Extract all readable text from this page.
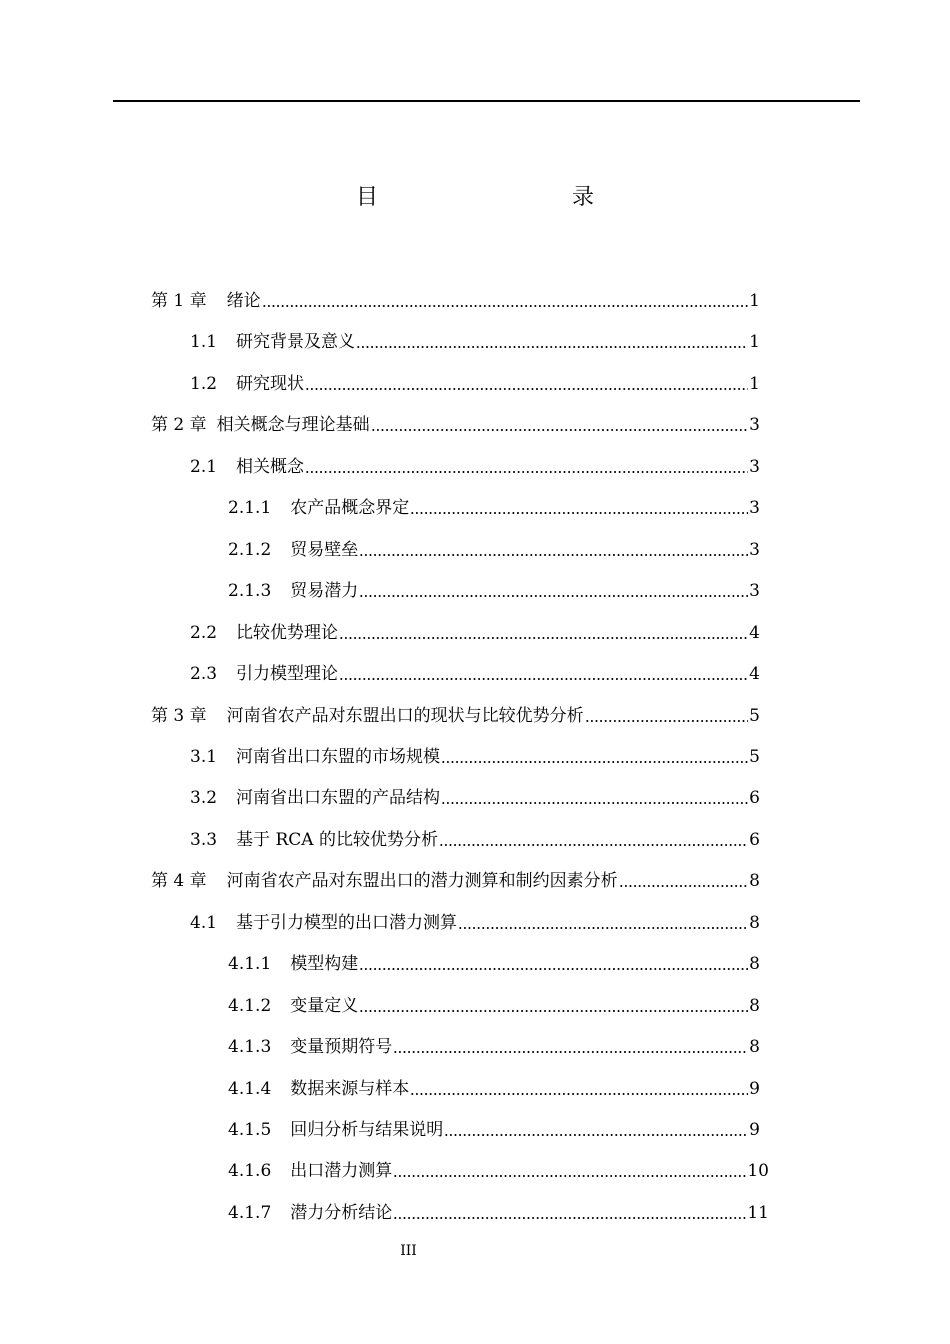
目　　录
第 1 章 绪论	1
1.1 研究背景及意义	1
1.2 研究现状	1
第 2 章 相关概念与理论基础	3
2.1 相关概念	3
2.1.1 农产品概念界定	3
2.1.2 贸易壁垒	3
2.1.3 贸易潜力	3
2.2 比较优势理论	4
2.3 引力模型理论	4
第 3 章 河南省农产品对东盟出口的现状与比较优势分析	5
3.1 河南省出口东盟的市场规模	5
3.2 河南省出口东盟的产品结构	6
3.3 基于 RCA 的比较优势分析	6
第 4 章 河南省农产品对东盟出口的潜力测算和制约因素分析	8
4.1 基于引力模型的出口潜力测算	8
4.1.1 模型构建	8
4.1.2 变量定义	8
4.1.3 变量预期符号	8
4.1.4 数据来源与样本	9
4.1.5 回归分析与结果说明	9
4.1.6 出口潜力测算	10
4.1.7 潜力分析结论	11
III
